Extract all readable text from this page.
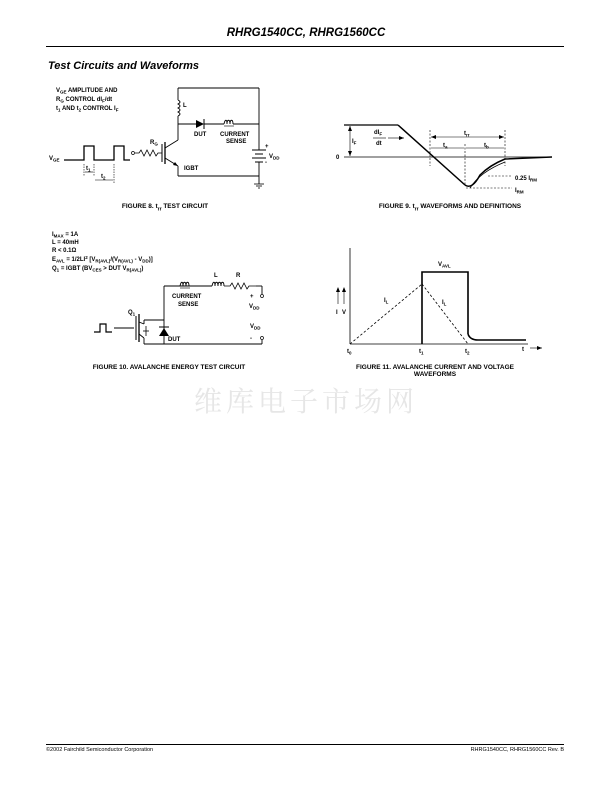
RHRG1540CC, RHRG1560CC
Test Circuits and Waveforms
$V_{GE}$ AMPLITUDE AND
$R_G$ CONTROL $dI_F/dt$
$t_1$ AND $t_2$ CONTROL $I_F$
$V_{GE}$
$t_1$
$t_2$
$R_G$
IGBT
L
DUT CURRENT
SENSE
+
-
$V_{DD}$
FIGURE 8. $t_{rr}$ TEST CIRCUIT
0
$I_F$
$dI_F$
dt
$t_{rr}$
$t_a$	$t_b$
0.25 $I_{RM}$
$I_{RM}$
FIGURE 9. $t_{rr}$ WAVEFORMS AND DEFINITIONS
$I_{MAX} = 1A$
L = 40mH
R < 0.1Ω
$E_{AVL} = 1/2LI^2$ $[V_{R(AVL)}/(V_{R(AVL)} - V_{DD})]$
$Q_1$ = IGBT ($BV_{CES}$ > DUT $V_{R(AVL)}$)
CURRENT
SENSE
L	R
+
$V_{DD}$
$V_{DD}$
-
$Q_1$
DUT
FIGURE 10. AVALANCHE ENERGY TEST CIRCUIT
t
I V
$I_L$	$I_L$
$V_{AVL}$
$t_0$	$t_1$	$t_2$
FIGURE 11. AVALANCHE CURRENT AND VOLTAGE
WAVEFORMS
维库电子市场网
©2002 Fairchild Semiconductor Corporation	RHRG1540CC, RHRG1560CC Rev. B
